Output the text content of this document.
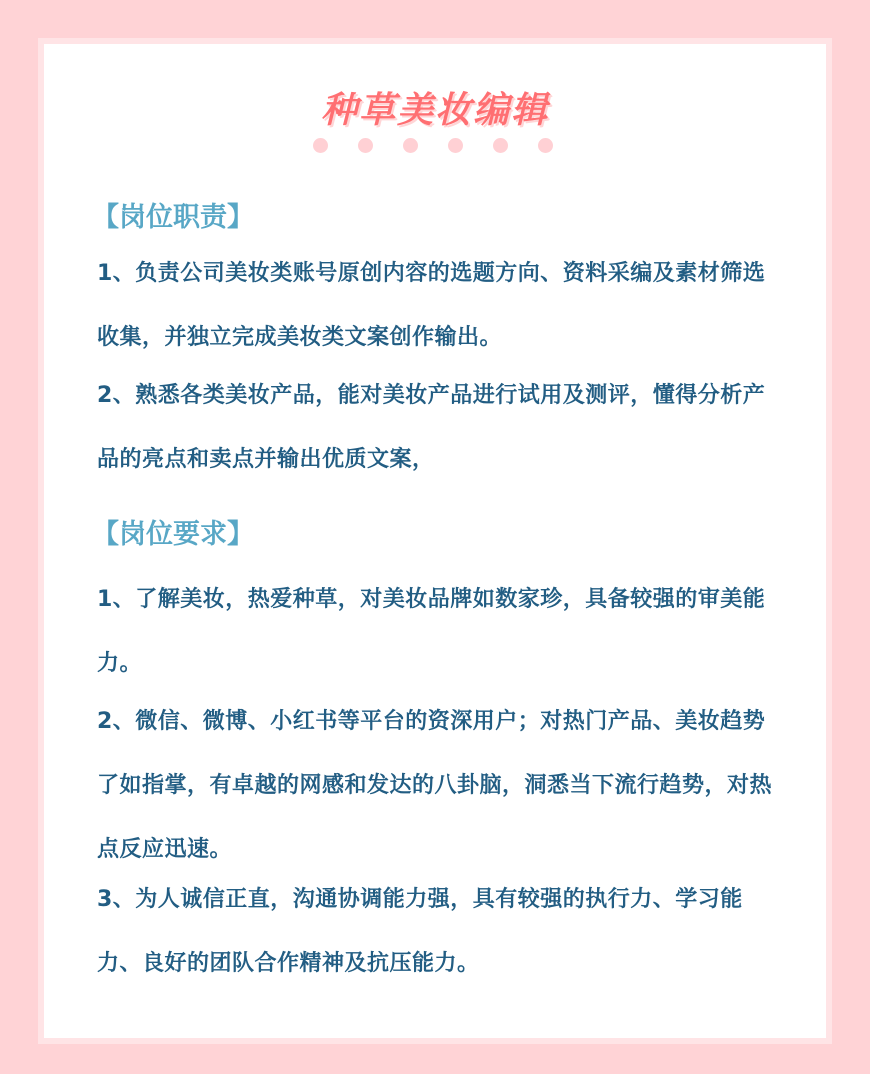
种草美妆编辑
【岗位职责】
1、负责公司美妆类账号原创内容的选题方向、资料采编及素材筛选收集，并独立完成美妆类文案创作输出。
2、熟悉各类美妆产品，能对美妆产品进行试用及测评，懂得分析产品的亮点和卖点并输出优质文案，
【岗位要求】
1、了解美妆，热爱种草，对美妆品牌如数家珍，具备较强的审美能力。
2、微信、微博、小红书等平台的资深用户；对热门产品、美妆趋势了如指掌，有卓越的网感和发达的八卦脑，洞悉当下流行趋势，对热点反应迅速。
3、为人诚信正直，沟通协调能力强，具有较强的执行力、学习能力、良好的团队合作精神及抗压能力。
